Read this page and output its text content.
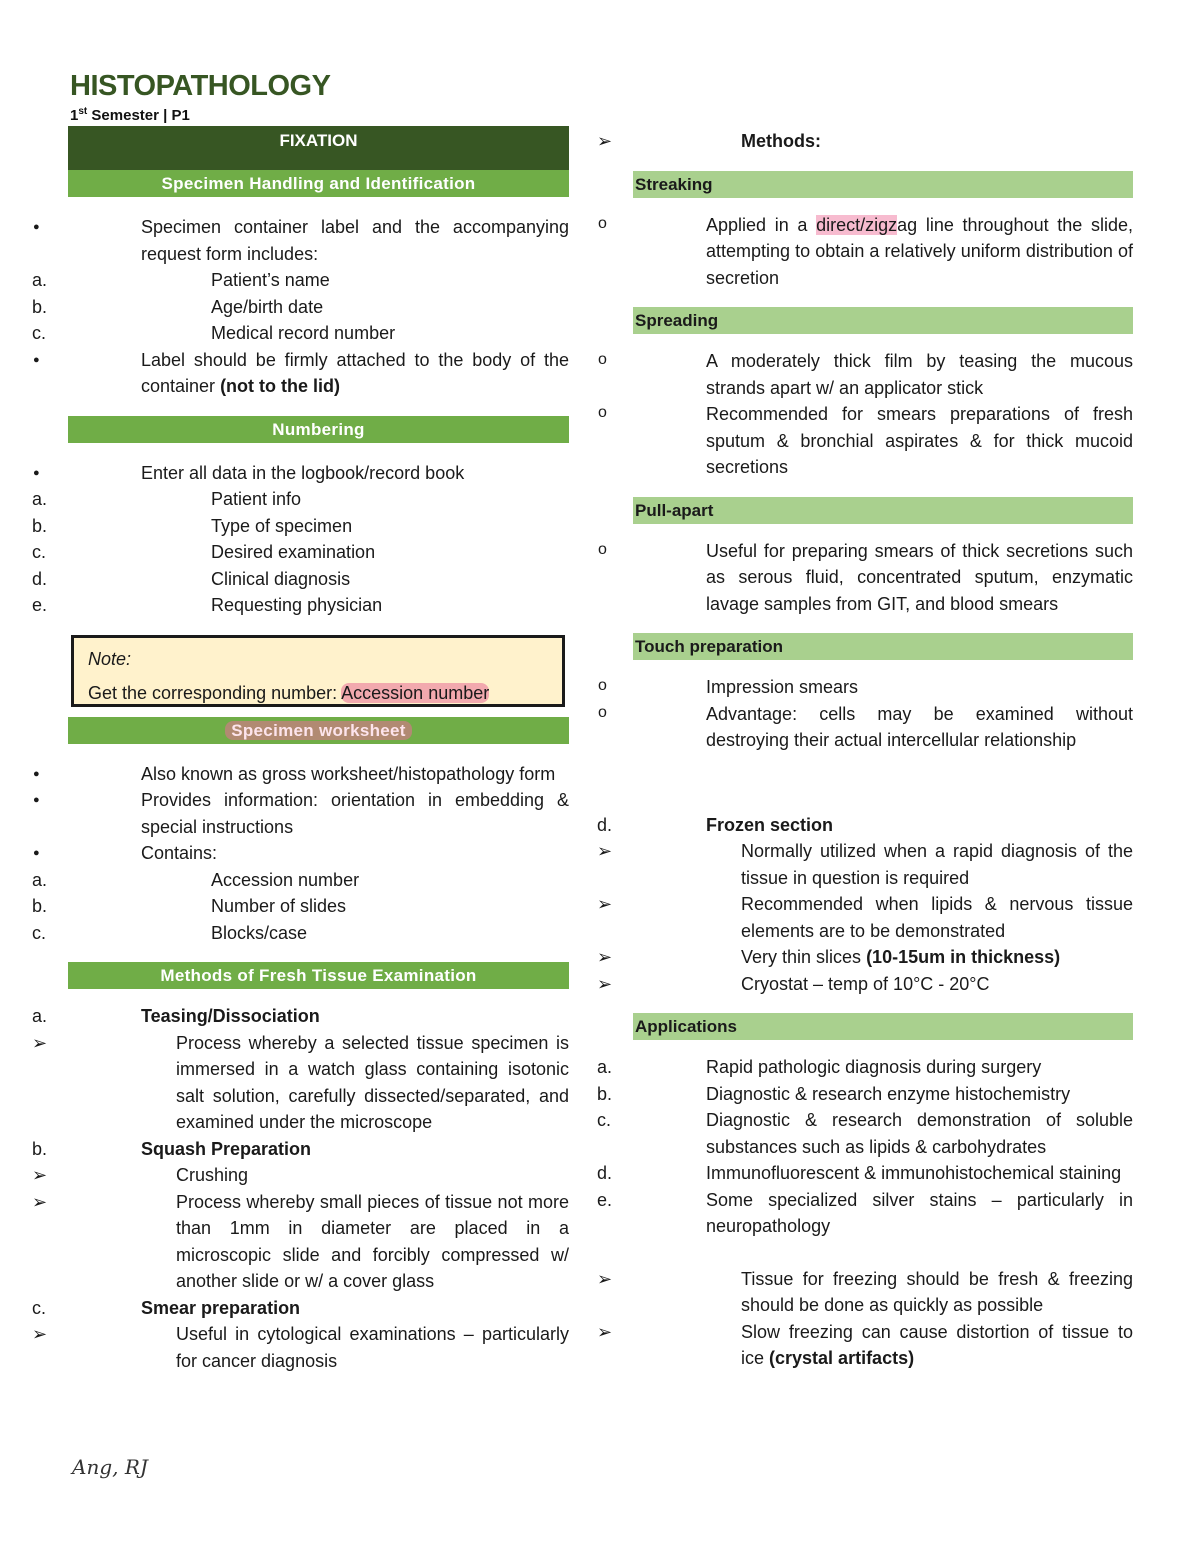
HISTOPATHOLOGY
1st Semester | P1
FIXATION
Specimen Handling and Identification
● Specimen container label and the accompanying request form includes:
a.	Patient’s name
b.	Age/birth date
c.	Medical record number
● Label should be firmly attached to the body of the container (not to the lid)
Numbering
● Enter all data in the logbook/record book
a.	Patient info
b.	Type of specimen
c.	Desired examination
d.	Clinical diagnosis
e.	Requesting physician
Note:
Get the corresponding number: Accession number
Specimen worksheet
● Also known as gross worksheet/histopathology form
● Provides information: orientation in embedding & special instructions
● Contains:
a.	Accession number
b.	Number of slides
c.	Blocks/case
Methods of Fresh Tissue Examination
a.	Teasing/Dissociation
➢ Process whereby a selected tissue specimen is immersed in a watch glass containing isotonic salt solution, carefully dissected/separated, and examined under the microscope
b.	Squash Preparation
➢ Crushing
➢ Process whereby small pieces of tissue not more than 1mm in diameter are placed in a microscopic slide and forcibly compressed w/ another slide or w/ a cover glass
c.	Smear preparation
➢ Useful in cytological examinations – particularly for cancer diagnosis
➢ Methods:
Streaking
o Applied in a direct/zigzag line throughout the slide, attempting to obtain a relatively uniform distribution of secretion
Spreading
o A moderately thick film by teasing the mucous strands apart w/ an applicator stick
o Recommended for smears preparations of fresh sputum & bronchial aspirates & for thick mucoid secretions
Pull-apart
o Useful for preparing smears of thick secretions such as serous fluid, concentrated sputum, enzymatic lavage samples from GIT, and blood smears
Touch preparation
o Impression smears
o Advantage: cells may be examined without destroying their actual intercellular relationship
d.	Frozen section
➢ Normally utilized when a rapid diagnosis of the tissue in question is required
➢ Recommended when lipids & nervous tissue elements are to be demonstrated
➢ Very thin slices (10-15um in thickness)
➢ Cryostat – temp of 10°C - 20°C
Applications
a.	Rapid pathologic diagnosis during surgery
b.	Diagnostic & research enzyme histochemistry
c.	Diagnostic & research demonstration of soluble substances such as lipids & carbohydrates
d.	Immunofluorescent & immunohistochemical staining
e.	Some specialized silver stains – particularly in neuropathology
➢ Tissue for freezing should be fresh & freezing should be done as quickly as possible
➢ Slow freezing can cause distortion of tissue to ice (crystal artifacts)
Ang, RJ
